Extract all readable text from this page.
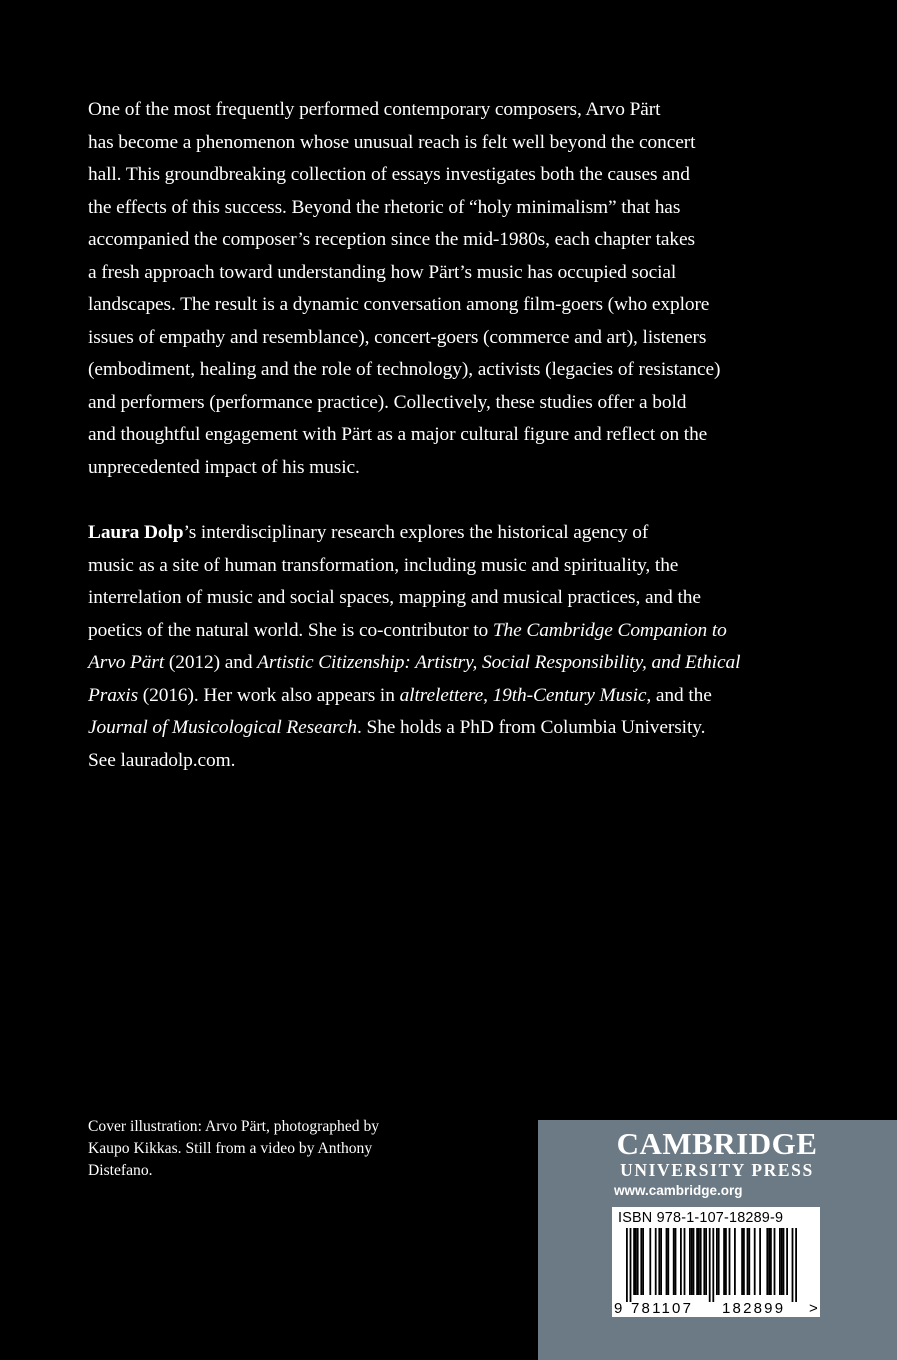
One of the most frequently performed contemporary composers, Arvo Pärt
has become a phenomenon whose unusual reach is felt well beyond the concert
hall. This groundbreaking collection of essays investigates both the causes and
the effects of this success. Beyond the rhetoric of “holy minimalism” that has
accompanied the composer’s reception since the mid-1980s, each chapter takes
a fresh approach toward understanding how Pärt’s music has occupied social
landscapes. The result is a dynamic conversation among film-goers (who explore
issues of empathy and resemblance), concert-goers (commerce and art), listeners
(embodiment, healing and the role of technology), activists (legacies of resistance)
and performers (performance practice). Collectively, these studies offer a bold
and thoughtful engagement with Pärt as a major cultural figure and reflect on the
unprecedented impact of his music.
Laura Dolp’s interdisciplinary research explores the historical agency of
music as a site of human transformation, including music and spirituality, the
interrelation of music and social spaces, mapping and musical practices, and the
poetics of the natural world. She is co-contributor to The Cambridge Companion to
Arvo Pärt (2012) and Artistic Citizenship: Artistry, Social Responsibility, and Ethical
Praxis (2016). Her work also appears in altrelettere, 19th-Century Music, and the
Journal of Musicological Research. She holds a PhD from Columbia University.
See lauradolp.com.
Cover illustration: Arvo Pärt, photographed by
Kaupo Kikkas. Still from a video by Anthony
Distefano.
CAMBRIDGE
UNIVERSITY PRESS
www.cambridge.org
ISBN 978-1-107-18289-9
9 781107 182899 >
